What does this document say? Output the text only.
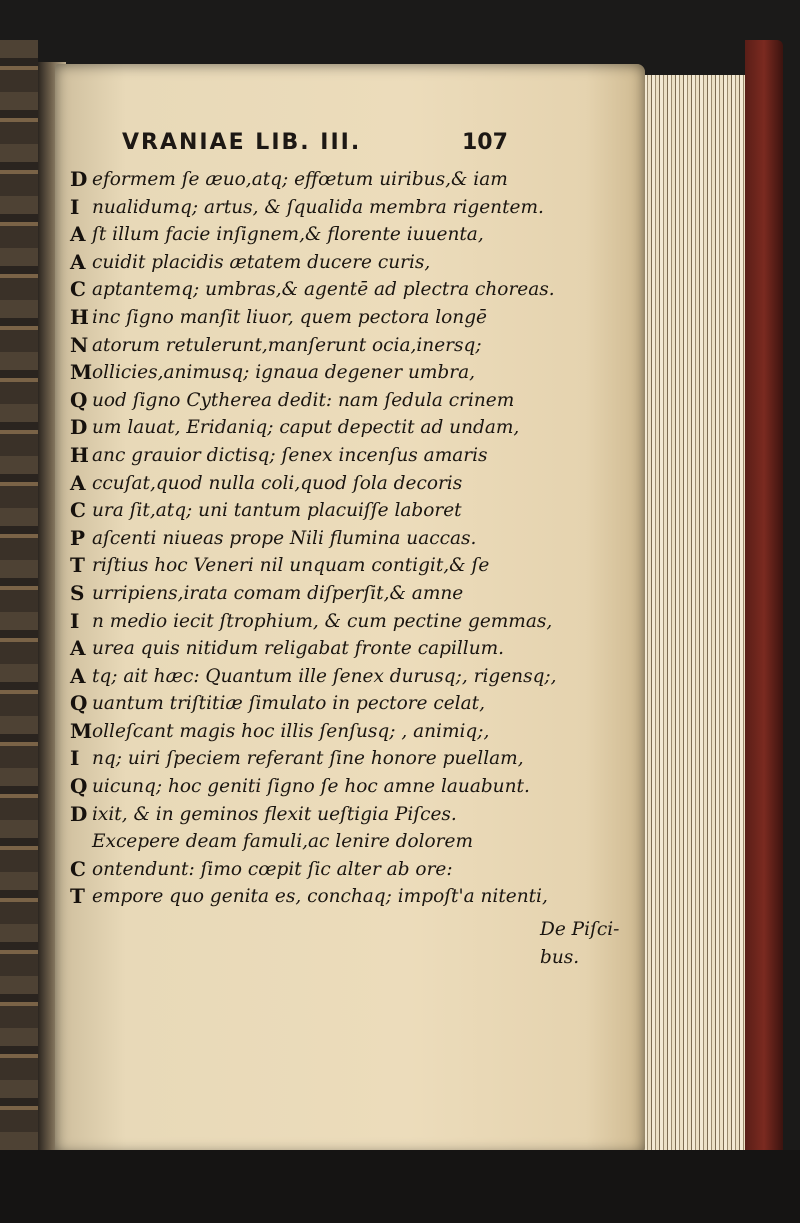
VRANIAE LIB. III.	107
D eformem ſe æuo,atq; effœtum uiribus,& iam
I nualidumq; artus, & ſqualida membra rigentem.
A ſt illum facie inſignem,& florente iuuenta,
A cuidit placidis ætatem ducere curis,
C aptantemq; umbras,& agentē ad plectra choreas.
H inc ſigno manſit liuor, quem pectora longē
N atorum retulerunt,manſerunt ocia,inersq;
M ollicies,animusq; ignaua degener umbra,
Q uod ſigno Cytherea dedit: nam ſedula crinem
D um lauat, Eridaniq; caput depectit ad undam,
H anc grauior dictisq; ſenex incenſus amaris
A ccuſat,quod nulla coli,quod ſola decoris
C ura ſit,atq; uni tantum placuiſſe laboret
P aſcenti niueas prope Nili flumina uaccas.
T riſtius hoc Veneri nil unquam contigit,& ſe
S urripiens,irata comam diſperſit,& amne
I n medio iecit ſtrophium, & cum pectine gemmas,
A urea quis nitidum religabat fronte capillum.
A tq; ait hæc: Quantum ille ſenex durusq;, rigensq;,
Q uantum triſtitiæ ſimulato in pectore celat,
M olleſcant magis hoc illis ſenſusq; , animiq;,
I nq; uiri ſpeciem referant ſine honore puellam,
Q uicunq; hoc geniti ſigno ſe hoc amne lauabunt.
D ixit, & in geminos flexit ueſtigia Piſces.
Excepere deam famuli,ac lenire dolorem
C ontendunt: ſimo cœpit ſic alter ab ore:
T empore quo genita es, conchaq; impoſt'a nitenti,
De Piſci-
bus.
